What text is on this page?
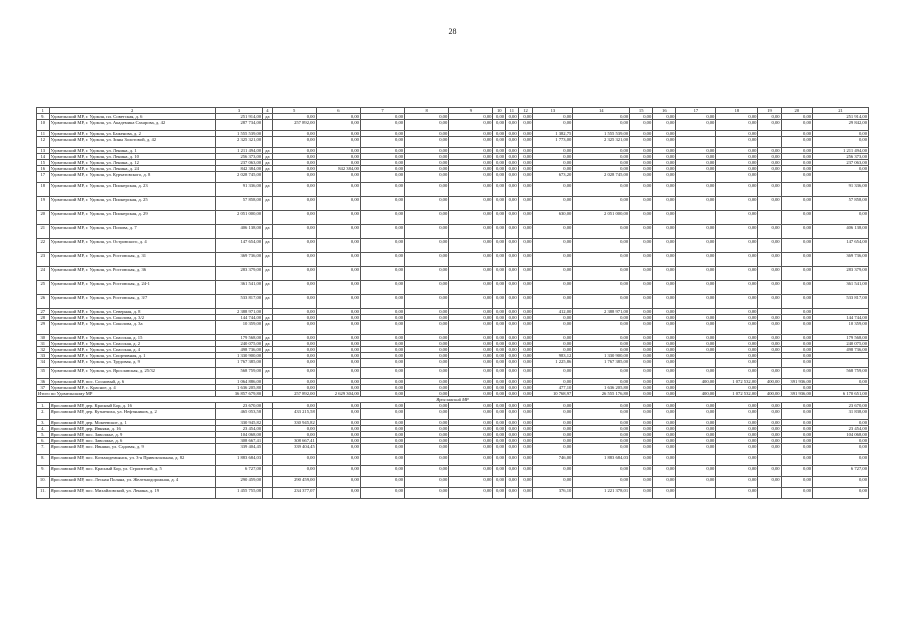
28
1	2	3	4	5	6	7	8	9	10	11	12	13	14	15	16	17	18	19	20	21
9.	Удомельский МР, г. Удомля, пл. Советская, д. 6	251 914,00	да	0,00	0,00	0,00	0,00	0,00	0,00	0,00	0,00	0,00	0,00	0,00	0,00	0,00	0,00	0,00	0,00	251 914,00
10	Удомельский МР, г. Удомля, ул. Академика Сахарова, д. 42	287 734,00		257 892,00	0,00	0,00	0,00	0,00	0,00	0,00	0,00	0,00	0,00	0,00	0,00	0,00	0,00	0,00	0,00	29 842,00
11	Удомельский МР, г. Удомля, ул. Баженова, д. 2	1 555 539,00		0,00	0,00	0,00	0,00	0,00	0,00	0,00	0,00	1 382,75	1 555 539,00	0,00	0,00		0,00		0,00	0,00
12	Удомельский МР, г. Удомля, ул. Зины Золотовой, д. 42	2 325 321,00		0,00	0,00	0,00	0,00	0,00	0,00	0,00	0,00	1 773,00	2 325 321,00	0,00	0,00		0,00		0,00	0,00
13	Удомельский МР, г. Удомля, ул. Ленина, д. 1	1 211 494,00	да	0,00	0,00	0,00	0,00	0,00	0,00	0,00	0,00	0,00	0,00	0,00	0,00	0,00	0,00	0,00	0,00	1 211 494,00
14	Удомельский МР, г. Удомля, ул. Ленина, д. 10	256 373,00	да	0,00	0,00	0,00	0,00	0,00	0,00	0,00	0,00	0,00	0,00	0,00	0,00	0,00	0,00	0,00	0,00	256 373,00
15	Удомельский МР, г. Удомля, ул. Ленина, д. 12	237 063,00	да	0,00	0,00	0,00	0,00	0,00	0,00	0,00	0,00	0,00	0,00	0,00	0,00	0,00	0,00	0,00	0,00	237 063,00
16	Удомельский МР, г. Удомля, ул. Ленина, д. 24	842 384,00	да	0,00	842 384,00	0,00	0,00	0,00	0,00	0,00	0,00	0,00	0,00	0,00	0,00	0,00	0,00	0,00	0,00	0,00
17	Удомельский МР, г. Удомля, ул. Курчатовского, д. 8	2 028 745,00		0,00	0,00	0,00	0,00	0,00	0,00	0,00	0,00	673,20	2 028 745,00	0,00	0,00		0,00		0,00	
18	Удомельский МР, г. Удомля, ул. Пионерская, д. 23	91 336,00	да	0,00	0,00	0,00	0,00	0,00	0,00	0,00	0,00	0,00	0,00	0,00	0,00	0,00	0,00	0,00	0,00	91 336,00
19	Удомельский МР, г. Удомля, ул. Пионерская, д. 25	57 858,00	да	0,00	0,00	0,00	0,00	0,00	0,00	0,00	0,00	0,00	0,00	0,00	0,00	0,00	0,00	0,00	0,00	57 858,00
20	Удомельский МР, г. Удомля, ул. Пионерская, д. 29	2 051 000,00		0,00	0,00	0,00	0,00	0,00	0,00	0,00	0,00	630,00	2 051 000,00	0,00	0,00		0,00		0,00	0,00
21	Удомельский МР, г. Удомля, ул. Попова, д. 7	406 138,00	да	0,00	0,00	0,00	0,00	0,00	0,00	0,00	0,00	0,00	0,00	0,00	0,00	0,00	0,00	0,00	0,00	406 138,00
22	Удомельский МР, г. Удомля, ул. Островского, д. 4	147 654,00	да	0,00	0,00	0,00	0,00	0,00	0,00	0,00	0,00	0,00	0,00	0,00	0,00	0,00	0,00	0,00	0,00	147 654,00
23	Удомельский МР, г. Удомля, ул. Ростовская, д. 31	369 736,00	да	0,00	0,00	0,00	0,00	0,00	0,00	0,00	0,00	0,00	0,00	0,00	0,00	0,00	0,00	0,00	0,00	369 736,00
24	Удомельский МР, г. Удомля, ул. Ростовская, д. 36	283 379,00	да	0,00	0,00	0,00	0,00	0,00	0,00	0,00	0,00	0,00	0,00	0,00	0,00	0,00	0,00	0,00	0,00	283 379,00
25	Удомельский МР, г. Удомля, ул. Ростовская, д. 24-1	361 541,00	да	0,00	0,00	0,00	0,00	0,00	0,00	0,00	0,00	0,00	0,00	0,00	0,00	0,00	0,00	0,00	0,00	361 541,00
26	Удомельский МР, г. Удомля, ул. Ростовская, д. 3/7	533 817,00	да	0,00	0,00	0,00	0,00	0,00	0,00	0,00	0,00	0,00	0,00	0,00	0,00	0,00	0,00	0,00	0,00	533 817,00
27	Удомельский МР, г. Удомля, ул. Северная, д. 8	2 388 971,00		0,00	0,00	0,00	0,00	0,00	0,00	0,00	0,00	412,00	2 388 971,00	0,00	0,00		0,00		0,00	
28	Удомельский МР, г. Удомля, ул. Соколова, д. 3/2	144 744,00	да	0,00	0,00	0,00	0,00	0,00	0,00	0,00	0,00	0,00	0,00	0,00	0,00	0,00	0,00	0,00	0,00	144 744,00
29	Удомельский МР, г. Удомля, ул. Соколова, д. 3а	10 359,00	да	0,00	0,00	0,00	0,00	0,00	0,00	0,00	0,00	0,00	0,00	0,00	0,00	0,00	0,00	0,00	0,00	10 359,00
30	Удомельский МР, г. Удомля, ул. Спасская, д. 15	179 568,00	да	0,00	0,00	0,00	0,00	0,00	0,00	0,00	0,00	0,00	0,00	0,00	0,00	0,00	0,00	0,00	0,00	179 568,00
31	Удомельский МР, г. Удомля, ул. Спасская, д. 2	240 075,00	да	0,00	0,00	0,00	0,00	0,00	0,00	0,00	0,00	0,00	0,00	0,00	0,00	0,00	0,00	0,00	0,00	240 075,00
32	Удомельский МР, г. Удомля, ул. Спасская, д. 4	498 736,00	да	0,00	0,00	0,00	0,00	0,00	0,00	0,00	0,00	0,00	0,00	0,00	0,00	0,00	0,00	0,00	0,00	498 736,00
33	Удомельский МР, г. Удомля, ул. Спортивная, д. 1	1 330 900,00		0,00	0,00	0,00	0,00	0,00	0,00	0,00	0,00	983,12	1 330 900,00	0,00	0,00		0,00		0,00	
34	Удомельский МР, г. Удомля, ул. Трудовая, д. 9	1 767 385,00		0,00	0,00	0,00	0,00	0,00	0,00	0,00	0,00	1 225,86	1 767 385,00	0,00	0,00		0,00		0,00	
35	Удомельский МР, г. Удомля, ул. Ярославская, д. 25/32	568 759,00	да	0,00	0,00	0,00	0,00	0,00	0,00	0,00	0,00	0,00	0,00	0,00	0,00	0,00	0,00	0,00	0,00	568 759,00
36	Удомельский МР, пос. Сосновый, д. 6	1 064 886,00		0,00	0,00	0,00	0,00	0,00	0,00	0,00	0,00	0,00	0,00	0,00	0,00	400,00	1 072 532,00	400,00	391 936,00	0,00
37	Удомельский МР, с. Красное, д. 4	1 636 205,80		0,00	0,00	0,00	0,00	0,00	0,00	0,00	0,00	477,10	1 636 205,80	0,00	0,00		0,00		0,00	
Итого по Удомельскому МР		36 857 679,80		257 892,00	2 629 304,00	0,00	0,00	0,00	0,00	0,00	0,00	10 768,97	26 555 176,80	0,00	0,00	400,00	1 072 532,00	400,00	391 936,00	6 170 651,00
Ярославский МР																				
1.	Ярославский МР, дер. Красный Бор, д. 16	23 670,00		0,00	0,00	0,00	0,00	0,00	0,00	0,00	0,00	0,00	0,00	0,00	0,00	0,00	0,00	0,00	0,00	23 670,00
2.	Ярославский МР, дер. Кузнечиха, ул. Нефтяников, д. 2	465 053,58		433 215,58	0,00	0,00	0,00	0,00	0,00	0,00	0,00	0,00	0,00	0,00	0,00	0,00	0,00	0,00	0,00	31 838,00
3.	Ярославский МР, дер. Мокеевское, д. 1	330 945,82		330 945,82	0,00	0,00	0,00	0,00	0,00	0,00	0,00	0,00	0,00	0,00	0,00	0,00	0,00	0,00	0,00	0,00
4.	Ярославский МР, дер. Ивняки, д. 16	23 454,00		0,00	0,00	0,00	0,00	0,00	0,00	0,00	0,00	0,00	0,00	0,00	0,00	0,00	0,00	0,00	0,00	23 454,00
5.	Ярославский МР, пос. Заволжье, д. 9	104 068,00		0,00	0,00	0,00	0,00	0,00	0,00	0,00	0,00	0,00	0,00	0,00	0,00	0,00	0,00	0,00	0,00	104 068,00
6.	Ярославский МР, пос. Заволжье, д. 6	308 667,41		308 667,41	0,00	0,00	0,00	0,00	0,00	0,00	0,00	0,00	0,00	0,00	0,00	0,00	0,00	0,00	0,00	0,00
7.	Ярославский МР, пос. Ивняки, ул. Садовая, д. 9	339 404,45		339 404,45	0,00	0,00	0,00	0,00	0,00	0,00	0,00	0,00	0,00	0,00	0,00	0,00	0,00	0,00	0,00	0,00
8.	Ярославский МР, пос. Козьмодемьянск, ул. 3-я Привокзальная, д. 82	1 883 684,03		0,00	0,00	0,00	0,00	0,00	0,00	0,00	0,00	746,00	1 883 684,03	0,00	0,00		0,00		0,00	0,00
9.	Ярославский МР, пос. Красный Бор, ул. Строителей, д. 5	6 727,00		0,00	0,00	0,00	0,00	0,00	0,00	0,00	0,00	0,00	0,00	0,00	0,00	0,00	0,00	0,00	0,00	6 727,00
10.	Ярославский МР, пос. Лесная Поляна, ул. Железнодорожная, д. 4	290 459,00		290 459,00	0,00	0,00	0,00	0,00	0,00	0,00	0,00	0,00	0,00	0,00	0,00	0,00	0,00	0,00	0,00	0,00
11.	Ярославский МР, пос. Михайловский, ул. Ленина, д. 19	1 455 755,08		234 377,07	0,00	0,00	0,00	0,00	0,00	0,00	0,00	376,10	1 221 378,01	0,00	0,00		0,00		0,00	0,00
